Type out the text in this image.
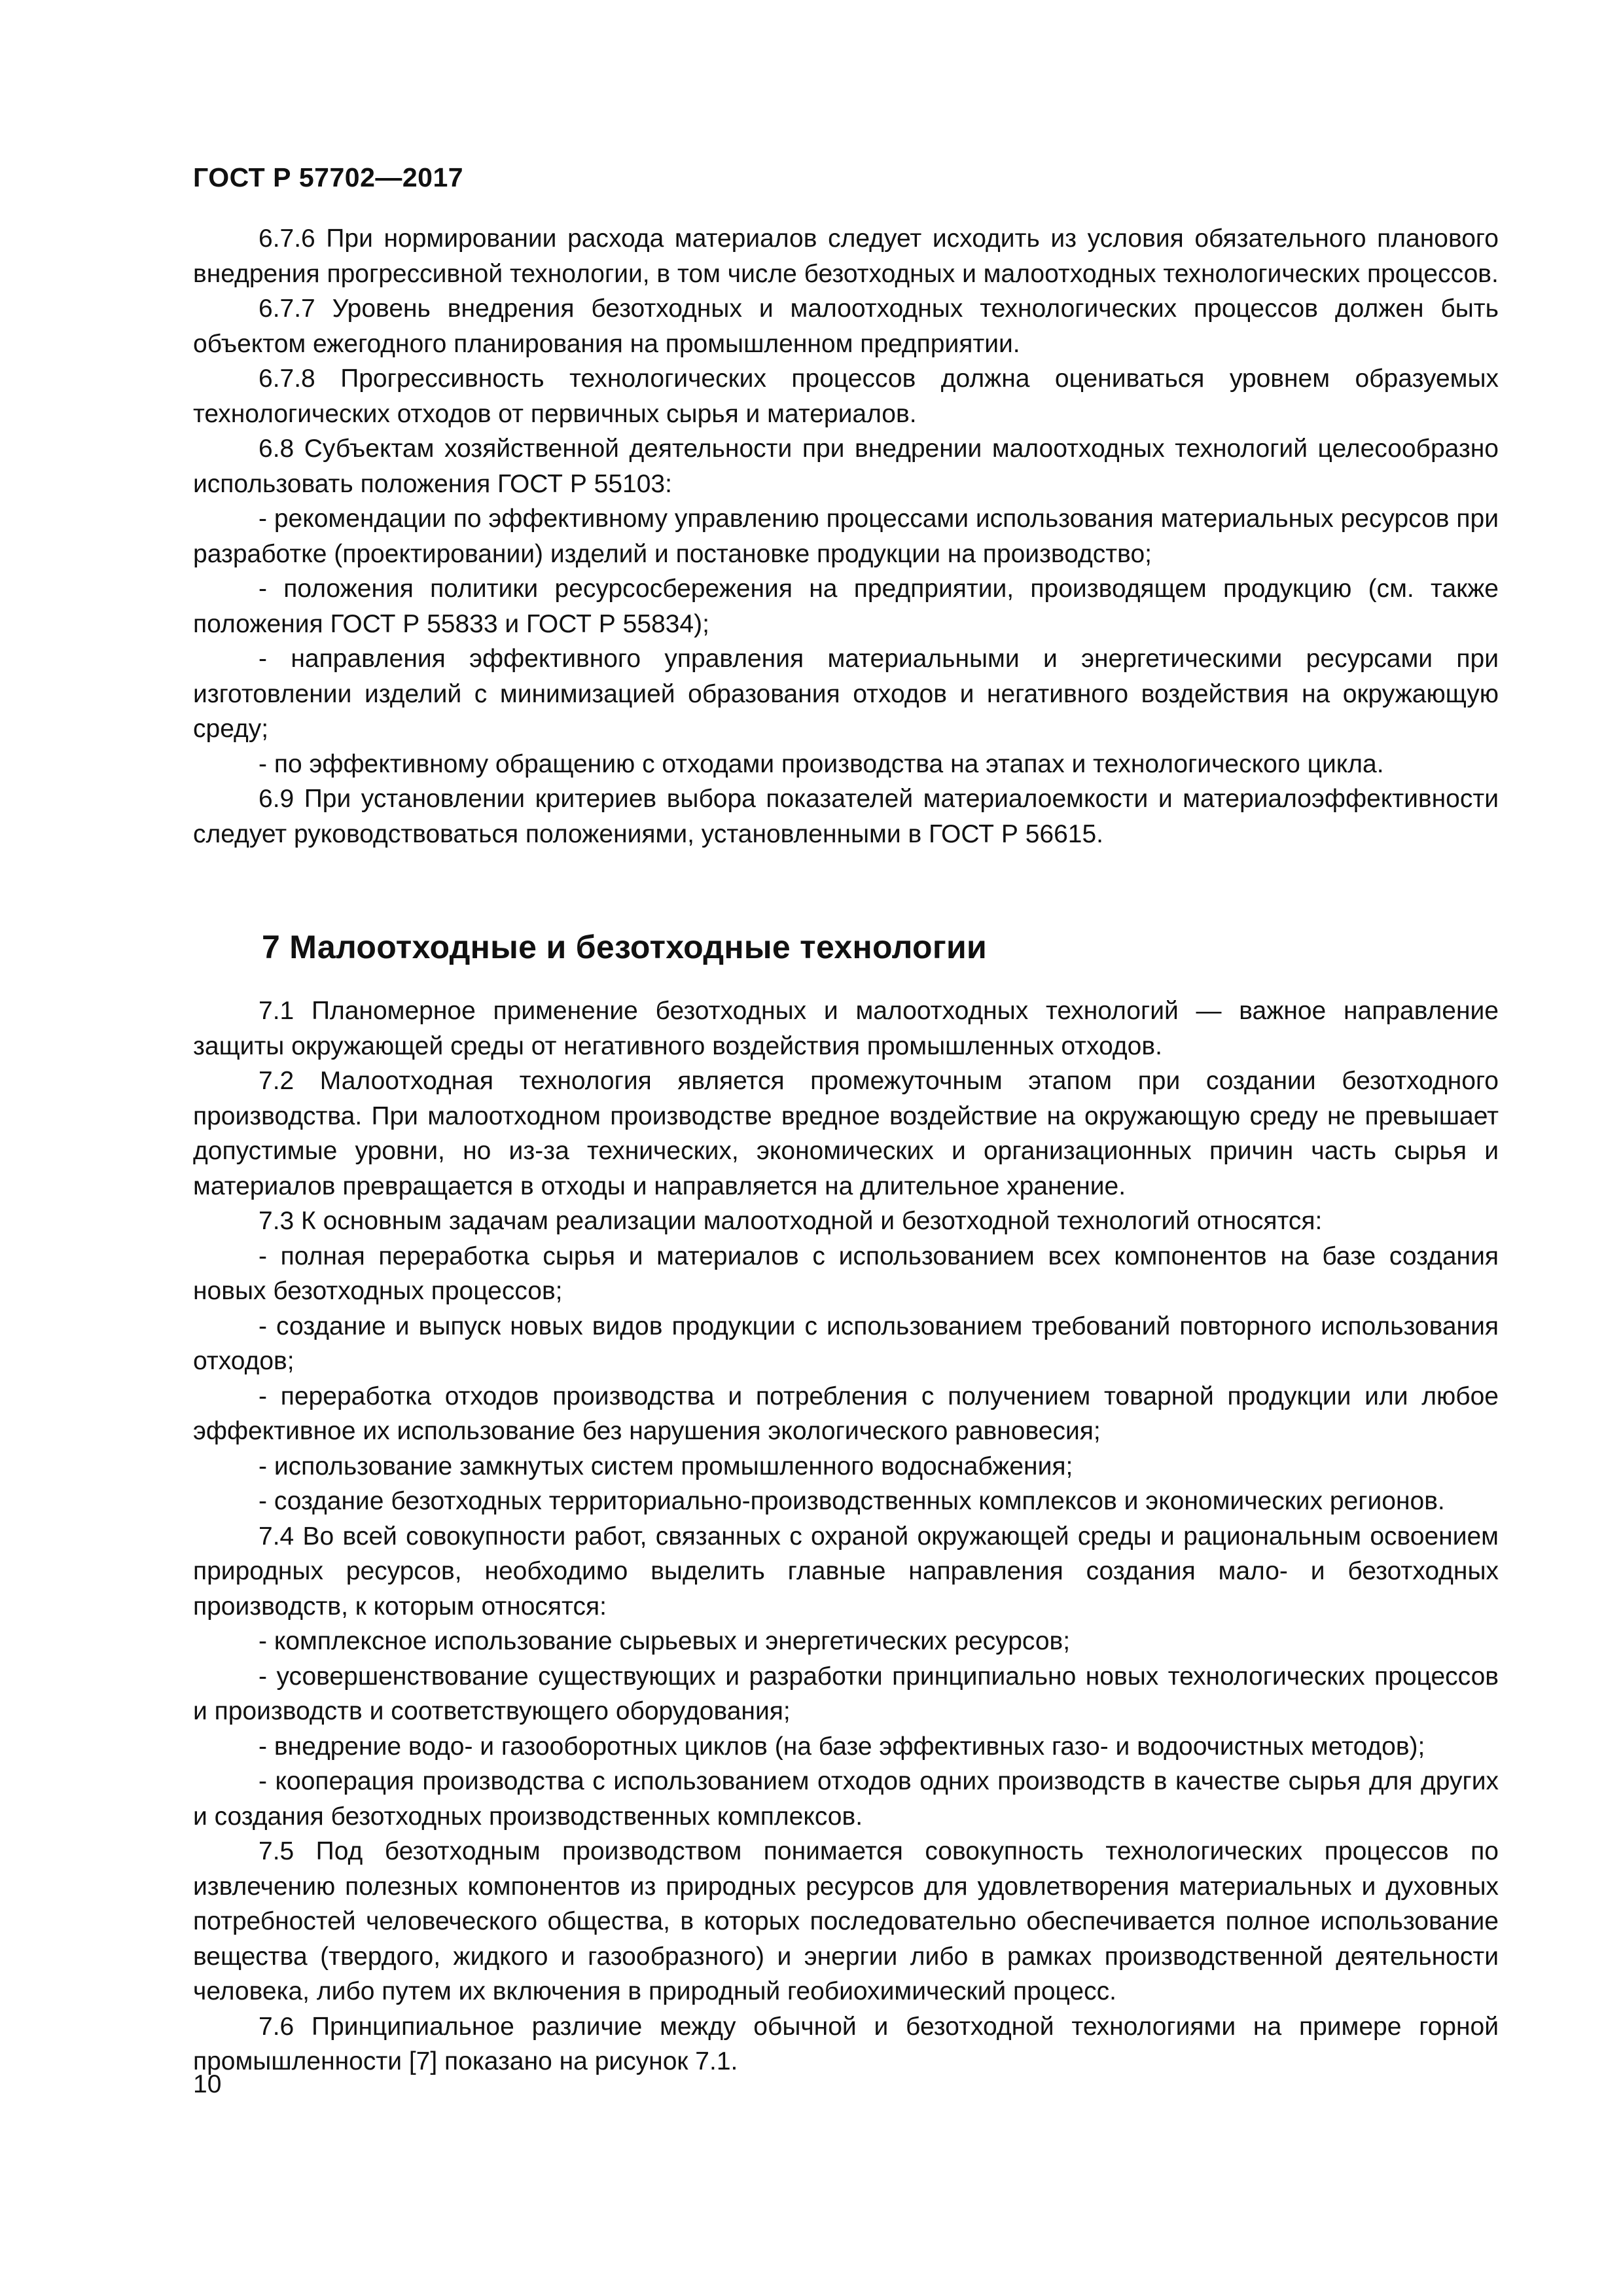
ГОСТ Р 57702—2017

6.7.6 При нормировании расхода материалов следует исходить из условия обязательного планового внедрения прогрессивной технологии, в том числе безотходных и малоотходных технологических процессов.

6.7.7 Уровень внедрения безотходных и малоотходных технологических процессов должен быть объектом ежегодного планирования на промышленном предприятии.

6.7.8 Прогрессивность технологических процессов должна оцениваться уровнем образуемых технологических отходов от первичных сырья и материалов.

6.8 Субъектам хозяйственной деятельности при внедрении малоотходных технологий целесообразно использовать положения ГОСТ Р 55103:

- рекомендации по эффективному управлению процессами использования материальных ресурсов при разработке (проектировании) изделий и постановке продукции на производство;

- положения политики ресурсосбережения на предприятии, производящем продукцию (см. также положения ГОСТ Р 55833 и ГОСТ Р 55834);

- направления эффективного управления материальными и энергетическими ресурсами при изготовлении изделий с минимизацией образования отходов и негативного воздействия на окружающую среду;

- по эффективному обращению с отходами производства на этапах и технологического цикла.

6.9 При установлении критериев выбора показателей материалоемкости и материалоэффективности следует руководствоваться положениями, установленными в ГОСТ Р 56615.

7 Малоотходные и безотходные технологии

7.1 Планомерное применение безотходных и малоотходных технологий — важное направление защиты окружающей среды от негативного воздействия промышленных отходов.

7.2 Малоотходная технология является промежуточным этапом при создании безотходного производства. При малоотходном производстве вредное воздействие на окружающую среду не превышает допустимые уровни, но из-за технических, экономических и организационных причин часть сырья и материалов превращается в отходы и направляется на длительное хранение.

7.3 К основным задачам реализации малоотходной и безотходной технологий относятся:

- полная переработка сырья и материалов с использованием всех компонентов на базе создания новых безотходных процессов;

- создание и выпуск новых видов продукции с использованием требований повторного использования отходов;

- переработка отходов производства и потребления с получением товарной продукции или любое эффективное их использование без нарушения экологического равновесия;

- использование замкнутых систем промышленного водоснабжения;

- создание безотходных территориально-производственных комплексов и экономических регионов.

7.4 Во всей совокупности работ, связанных с охраной окружающей среды и рациональным освоением природных ресурсов, необходимо выделить главные направления создания мало- и безотходных производств, к которым относятся:

- комплексное использование сырьевых и энергетических ресурсов;

- усовершенствование существующих и разработки принципиально новых технологических процессов и производств и соответствующего оборудования;

- внедрение водо- и газооборотных циклов (на базе эффективных газо- и водоочистных методов);

- кооперация производства с использованием отходов одних производств в качестве сырья для других и создания безотходных производственных комплексов.

7.5 Под безотходным производством понимается совокупность технологических процессов по извлечению полезных компонентов из природных ресурсов для удовлетворения материальных и духовных потребностей человеческого общества, в которых последовательно обеспечивается полное использование вещества (твердого, жидкого и газообразного) и энергии либо в рамках производственной деятельности человека, либо путем их включения в природный геобиохимический процесс.

7.6 Принципиальное различие между обычной и безотходной технологиями на примере горной промышленности [7] показано на рисунок 7.1.

10
